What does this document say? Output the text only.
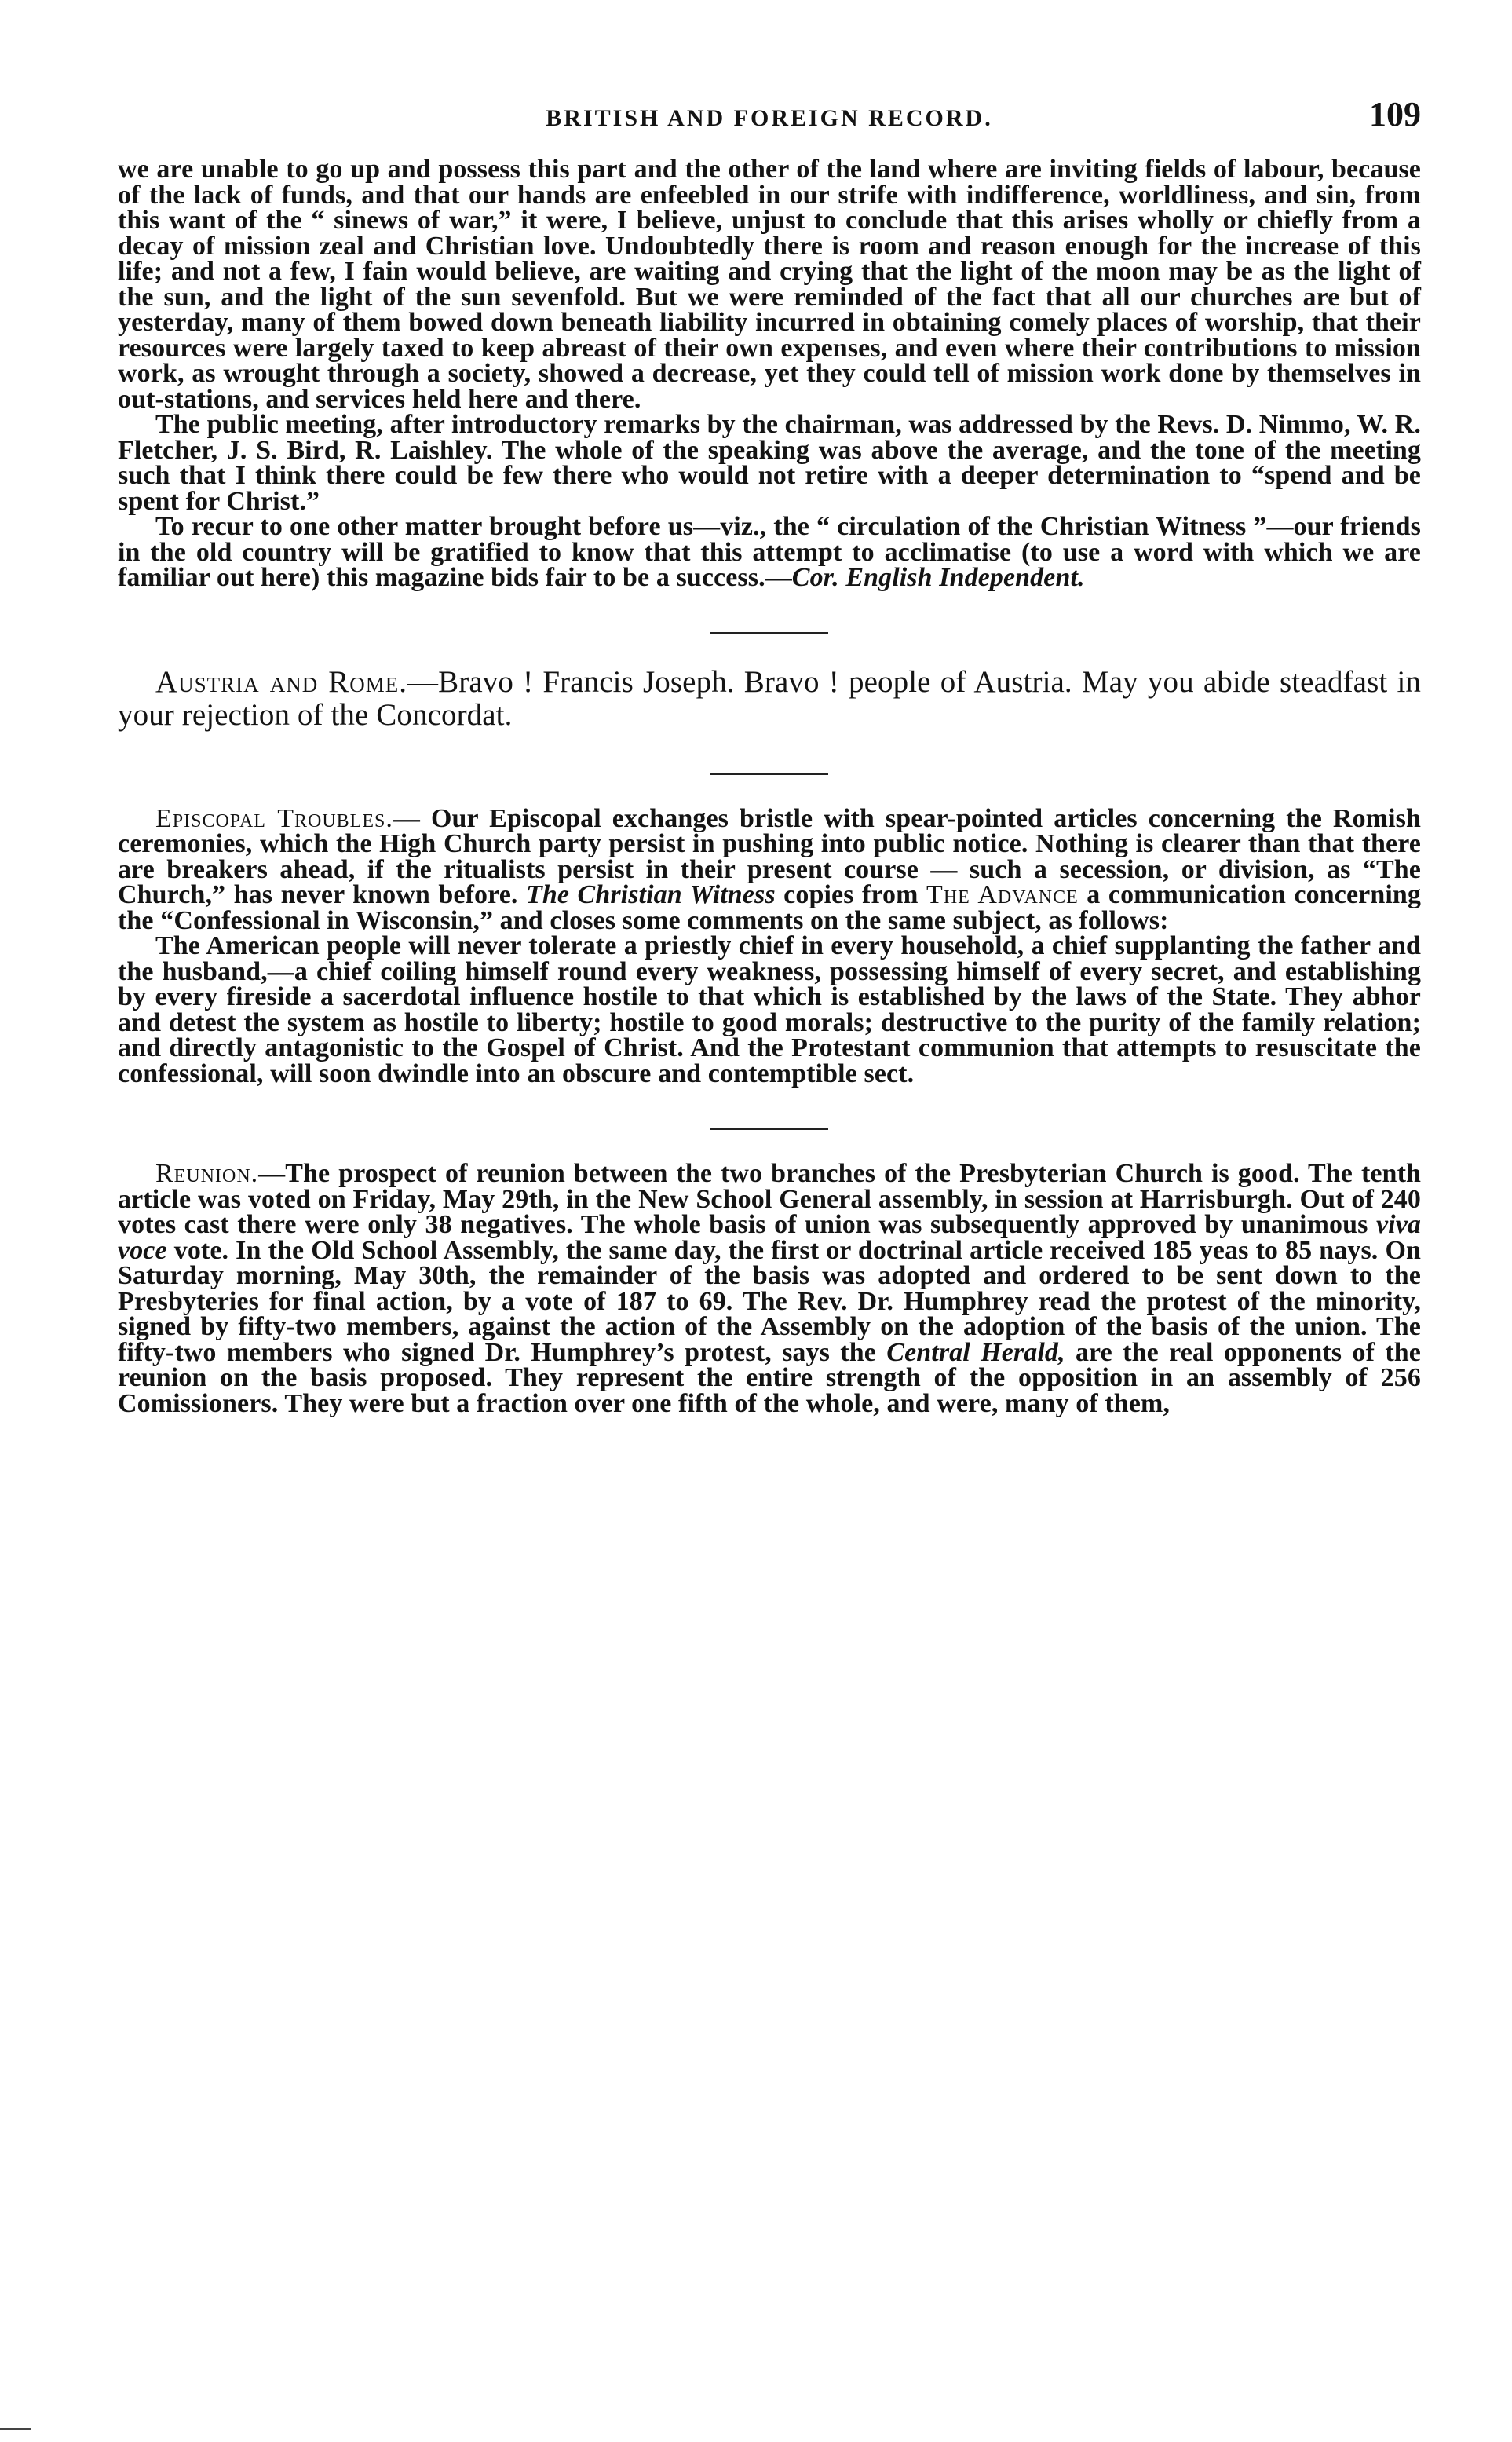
BRITISH AND FOREIGN RECORD.	109

we are unable to go up and possess this part and the other of the land where are inviting fields of labour, because of the lack of funds, and that our hands are enfeebled in our strife with indifference, worldliness, and sin, from this want of the “ sinews of war,” it were, I believe, unjust to conclude that this arises wholly or chiefly from a decay of mission zeal and Christian love. Undoubtedly there is room and reason enough for the increase of this life; and not a few, I fain would believe, are waiting and crying that the light of the moon may be as the light of the sun, and the light of the sun sevenfold. But we were reminded of the fact that all our churches are but of yesterday, many of them bowed down beneath liability incurred in obtaining comely places of worship, that their resources were largely taxed to keep abreast of their own expenses, and even where their contributions to mission work, as wrought through a society, showed a decrease, yet they could tell of mission work done by themselves in out-stations, and services held here and there.

The public meeting, after introductory remarks by the chairman, was addressed by the Revs. D. Nimmo, W. R. Fletcher, J. S. Bird, R. Laishley. The whole of the speaking was above the average, and the tone of the meeting such that I think there could be few there who would not retire with a deeper determination to “spend and be spent for Christ.”

To recur to one other matter brought before us—viz., the “ circulation of the Christian Witness ”—our friends in the old country will be gratified to know that this attempt to acclimatise (to use a word with which we are familiar out here) this magazine bids fair to be a success.—Cor. English Independent.

Austria and Rome.—Bravo ! Francis Joseph. Bravo ! people of Austria. May you abide steadfast in your rejection of the Concordat.

Episcopal Troubles.— Our Episcopal exchanges bristle with spear-pointed articles concerning the Romish ceremonies, which the High Church party persist in pushing into public notice. Nothing is clearer than that there are breakers ahead, if the ritualists persist in their present course — such a secession, or division, as “The Church,” has never known before. The Christian Witness copies from The Advance a communication concerning the “Confessional in Wisconsin,” and closes some comments on the same subject, as follows:

The American people will never tolerate a priestly chief in every household, a chief supplanting the father and the husband,—a chief coiling himself round every weakness, possessing himself of every secret, and establishing by every fireside a sacerdotal influence hostile to that which is established by the laws of the State. They abhor and detest the system as hostile to liberty; hostile to good morals; destructive to the purity of the family relation; and directly antagonistic to the Gospel of Christ. And the Protestant communion that attempts to resuscitate the confessional, will soon dwindle into an obscure and contemptible sect.

Reunion.—The prospect of reunion between the two branches of the Presbyterian Church is good. The tenth article was voted on Friday, May 29th, in the New School General assembly, in session at Harrisburgh. Out of 240 votes cast there were only 38 negatives. The whole basis of union was subsequently approved by unanimous viva voce vote. In the Old School Assembly, the same day, the first or doctrinal article received 185 yeas to 85 nays. On Saturday morning, May 30th, the remainder of the basis was adopted and ordered to be sent down to the Presbyteries for final action, by a vote of 187 to 69. The Rev. Dr. Humphrey read the protest of the minority, signed by fifty-two members, against the action of the Assembly on the adoption of the basis of the union. The fifty-two members who signed Dr. Humphrey’s protest, says the Central Herald, are the real opponents of the reunion on the basis proposed. They represent the entire strength of the opposition in an assembly of 256 Comissioners. They were but a fraction over one fifth of the whole, and were, many of them,
